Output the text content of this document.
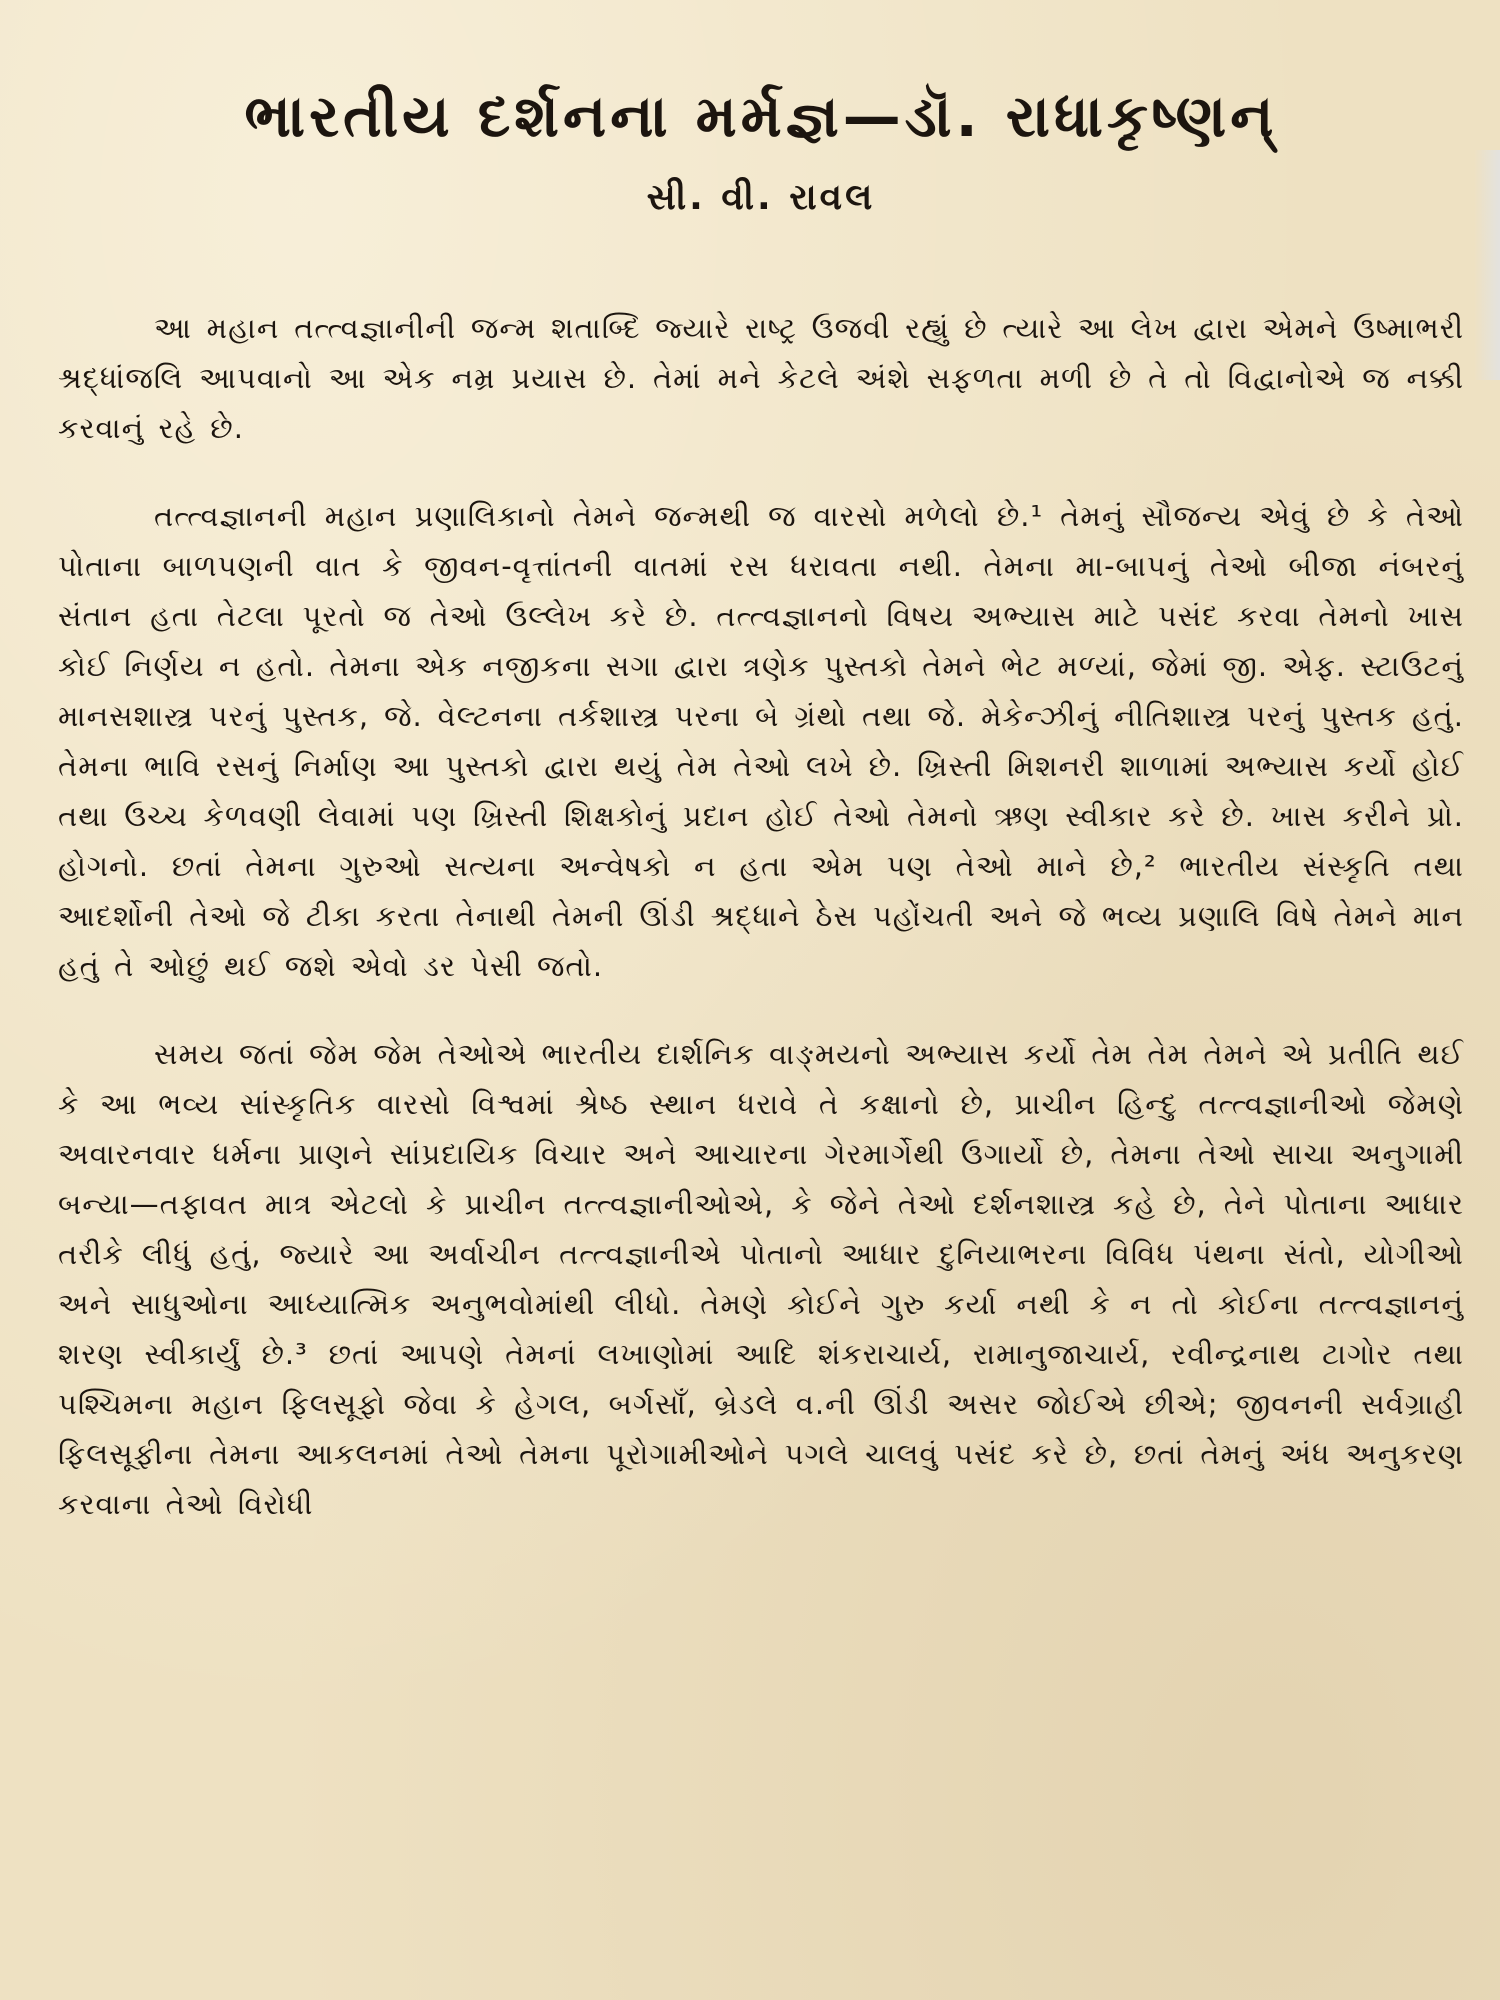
ભારતીય દર્શનના મર્મજ્ઞ—ડૉ. રાધાકૃષ્ણન્

સી. વી. રાવલ

આ મહાન તત્ત્વજ્ઞાનીની જન્મ શતાબ્દિ જ્યારે રાષ્ટ્ર ઉજવી રહ્યું છે ત્યારે આ લેખ દ્વારા એમને ઉષ્માભરી શ્રદ્ધાંજલિ આપવાનો આ એક નમ્ર પ્રયાસ છે. તેમાં મને કેટલે અંશે સફળતા મળી છે તે તો વિદ્વાનોએ જ નક્કી કરવાનું રહે છે.

તત્ત્વજ્ઞાનની મહાન પ્રણાલિકાનો તેમને જન્મથી જ વારસો મળેલો છે.¹ તેમનું સૌજન્ય એવું છે કે તેઓ પોતાના બાળપણની વાત કે જીવન-વૃત્તાંતની વાતમાં રસ ધરાવતા નથી. તેમના મા-બાપનું તેઓ બીજા નંબરનું સંતાન હતા તેટલા પૂરતો જ તેઓ ઉલ્લેખ કરે છે. તત્ત્વજ્ઞાનનો વિષય અભ્યાસ માટે પસંદ કરવા તેમનો ખાસ કોઈ નિર્ણય ન હતો. તેમના એક નજીકના સગા દ્વારા ત્રણેક પુસ્તકો તેમને ભેટ મળ્યાં, જેમાં જી. એફ. સ્ટાઉટનું માનસશાસ્ત્ર પરનું પુસ્તક, જે. વેલ્ટનના તર્કશાસ્ત્ર પરના બે ગ્રંથો તથા જે. મેકેન્ઝીનું નીતિશાસ્ત્ર પરનું પુસ્તક હતું. તેમના ભાવિ રસનું નિર્માણ આ પુસ્તકો દ્વારા થયું તેમ તેઓ લખે છે. ખ્રિસ્તી મિશનરી શાળામાં અભ્યાસ કર્યો હોઈ તથા ઉચ્ચ કેળવણી લેવામાં પણ ખ્રિસ્તી શિક્ષકોનું પ્રદાન હોઈ તેઓ તેમનો ઋણ સ્વીકાર કરે છે. ખાસ કરીને પ્રો. હોગનો. છતાં તેમના ગુરુઓ સત્યના અન્વેષકો ન હતા એમ પણ તેઓ માને છે,² ભારતીય સંસ્કૃતિ તથા આદર્શોની તેઓ જે ટીકા કરતા તેનાથી તેમની ઊંડી શ્રદ્ધાને ઠેસ પહોંચતી અને જે ભવ્ય પ્રણાલિ વિષે તેમને માન હતું તે ઓછું થઈ જશે એવો ડર પેસી જતો.

સમય જતાં જેમ જેમ તેઓએ ભારતીય દાર્શનિક વાઙ્મયનો અભ્યાસ કર્યો તેમ તેમ તેમને એ પ્રતીતિ થઈ કે આ ભવ્ય સાંસ્કૃતિક વારસો વિશ્વમાં શ્રેષ્ઠ સ્થાન ધરાવે તે કક્ષાનો છે, પ્રાચીન હિન્દુ તત્ત્વજ્ઞાનીઓ જેમણે અવારનવાર ધર્મના પ્રાણને સાંપ્રદાયિક વિચાર અને આચારના ગેરમાર્ગેથી ઉગાર્યો છે, તેમના તેઓ સાચા અનુગામી બન્યા—તફાવત માત્ર એટલો કે પ્રાચીન તત્ત્વજ્ઞાનીઓએ, કે જેને તેઓ દર્શનશાસ્ત્ર કહે છે, તેને પોતાના આધાર તરીકે લીધું હતું, જ્યારે આ અર્વાચીન તત્ત્વજ્ઞાનીએ પોતાનો આધાર દુનિયાભરના વિવિધ પંથના સંતો, યોગીઓ અને સાધુઓના આધ્યાત્મિક અનુભવોમાંથી લીધો. તેમણે કોઈને ગુરુ કર્યા નથી કે ન તો કોઈના તત્ત્વજ્ઞાનનું શરણ સ્વીકાર્યું છે.³ છતાં આપણે તેમનાં લખાણોમાં આદિ શંકરાચાર્ય, રામાનુજાચાર્ય, રવીન્દ્રનાથ ટાગોર તથા પશ્ચિમના મહાન ફિલસૂફો જેવા કે હેગલ, બર્ગસાઁ, બ્રેડલે વ.ની ઊંડી અસર જોઈએ છીએ; જીવનની સર્વગ્રાહી ફિલસૂફીના તેમના આકલનમાં તેઓ તેમના પૂરોગામીઓને પગલે ચાલવું પસંદ કરે છે, છતાં તેમનું અંધ અનુકરણ કરવાના તેઓ વિરોધી
